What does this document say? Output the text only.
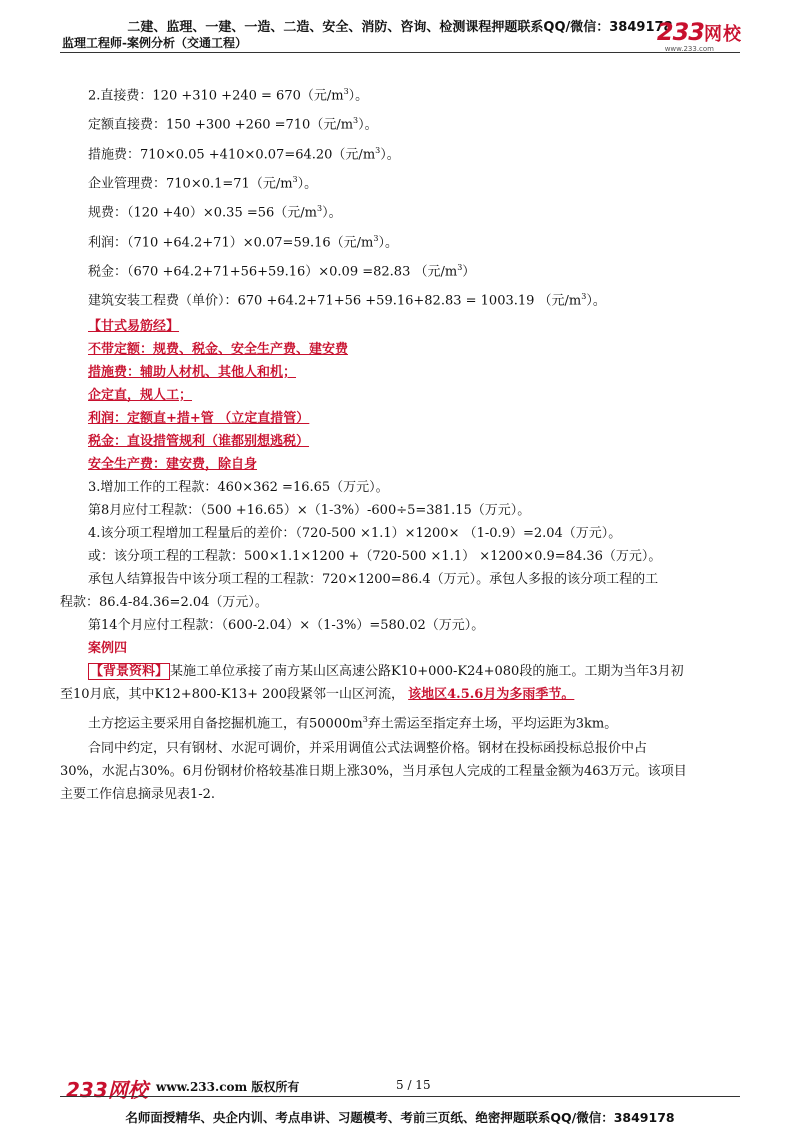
二建、监理、一建、一造、二造、安全、消防、咨询、检测课程押题联系QQ/微信：3849178
监理工程师-案例分析（交通工程）	233网校
www.233.com
2.直接费：120 +310 +240 = 670（元$/m^3$）。
定额直接费：150 +300 +260 =710（元$/m^3$）。
措施费：710×0.05 +410×0.07=64.20（元$/m^3$）。
企业管理费：710×0.1=71（元$/m^3$）。
规费：（120 +40）×0.35 =56（元$/m^3$）。
利润：（710 +64.2+71）×0.07=59.16（元$/m^3$）。
税金：（670 +64.2+71+56+59.16）×0.09 =82.83 （元$/m^3$）
建筑安装工程费（单价）：670 +64.2+71+56 +59.16+82.83 = 1003.19 （元$/m^3$）。
【甘式易筋经】
不带定额：规费、税金、安全生产费、建安费
措施费：辅助人材机、其他人和机；
企定直，规人工；
利润：定额直+措+管 （立定直措管）
税金：直设措管规利（谁都别想逃税）
安全生产费：建安费，除自身
3.增加工作的工程款：460×362 =16.65（万元）。
第8月应付工程款：（500 +16.65）×（1-3%）-600÷5=381.15（万元）。
4.该分项工程增加工程量后的差价：（720-500 ×1.1）×1200× （1-0.9）=2.04（万元）。
或：该分项工程的工程款：500×1.1×1200 +（720-500 ×1.1） ×1200×0.9=84.36（万元）。
承包人结算报告中该分项工程的工程款：720×1200=86.4（万元）。承包人多报的该分项工程的工
程款：86.4-84.36=2.04（万元）。
第14个月应付工程款：（600-2.04）×（1-3%）=580.02（万元）。
案例四
【背景资料】 某施工单位承接了南方某山区高速公路K10+000-K24+080段的施工。工期为当年3月初
至10月底，其中K12+800-K13+ 200段紧邻一山区河流， 该地区4.5.6月为多雨季节。
土方挖运主要采用自备挖掘机施工，有$50000m^3$弃土需运至指定弃土场，平均运距为3km。
合同中约定，只有钢材、水泥可调价，并采用调值公式法调整价格。钢材在投标函投标总报价中占
30%，水泥占30%。6月份钢材价格较基准日期上涨30%，当月承包人完成的工程量金额为463万元。该项目
主要工作信息摘录见表1-2.
233网校 www.233.com 版权所有	5 / 15
名师面授精华、央企内训、考点串讲、习题模考、考前三页纸、绝密押题联系QQ/微信：3849178
